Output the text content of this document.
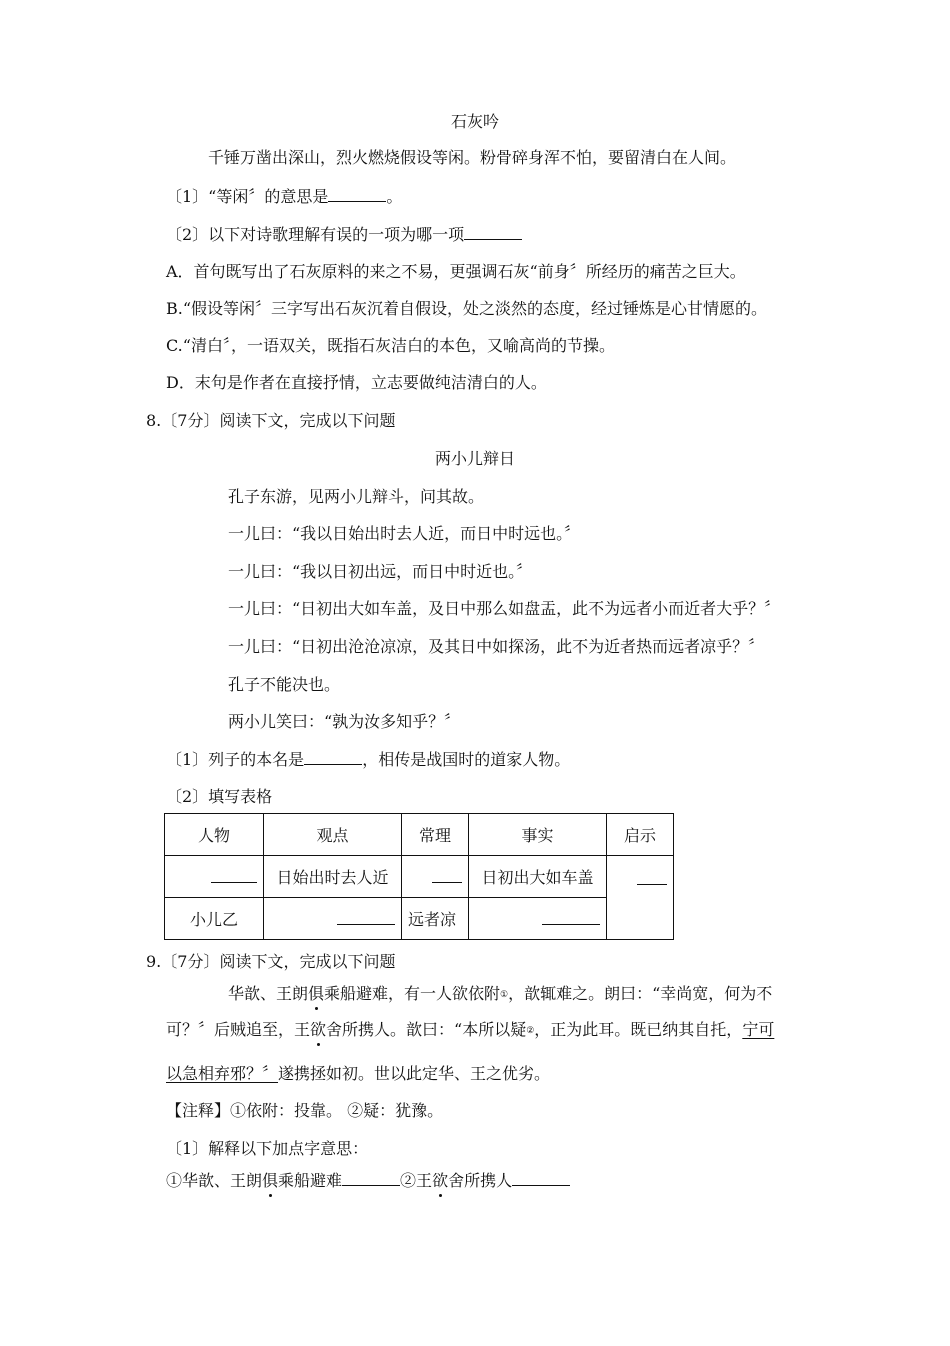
石灰吟
千锤万凿出深山，烈火燃烧假设等闲。粉骨碎身浑不怕，要留清白在人间。
〔1〕“等闲〞的意思是	。
〔2〕以下对诗歌理解有误的一项为哪一项
A．首句既写出了石灰原料的来之不易，更强调石灰“前身〞所经历的痛苦之巨大。
B.“假设等闲〞三字写出石灰沉着自假设，处之淡然的态度，经过锤炼是心甘情愿的。
C.“清白〞，一语双关，既指石灰洁白的本色，又喻高尚的节操。
D．末句是作者在直接抒情，立志要做纯洁清白的人。
8.〔7分〕阅读下文，完成以下问题
两小儿辩日
孔子东游，见两小儿辩斗，问其故。
一儿曰：“我以日始出时去人近，而日中时远也。〞
一儿曰：“我以日初出远，而日中时近也。〞
一儿曰：“日初出大如车盖，及日中那么如盘盂，此不为远者小而近者大乎？〞
一儿曰：“日初出沧沧凉凉，及其日中如探汤，此不为近者热而远者凉乎？〞
孔子不能决也。
两小儿笑曰：“孰为汝多知乎？〞
〔1〕列子的本名是	，相传是战国时的道家人物。
〔2〕填写表格
人物	观点	常理	事实	启示
	日始出时去人近		日初出大如车盖	
小儿乙		远者凉		
9.〔7分〕阅读下文，完成以下问题
华歆、王朗俱乘船避难，有一人欲依附①，歆辄难之。朗曰：“幸尚宽，何为不
可？〞后贼追至，王欲舍所携人。歆曰：“本所以疑②，正为此耳。既已纳其自托，宁可
以急相弃邪？〞遂携拯如初。世以此定华、王之优劣。
【注释】①依附：投靠。 ②疑：犹豫。
〔1〕解释以下加点字意思：
①华歆、王朗俱乘船避难	②王欲舍所携人
